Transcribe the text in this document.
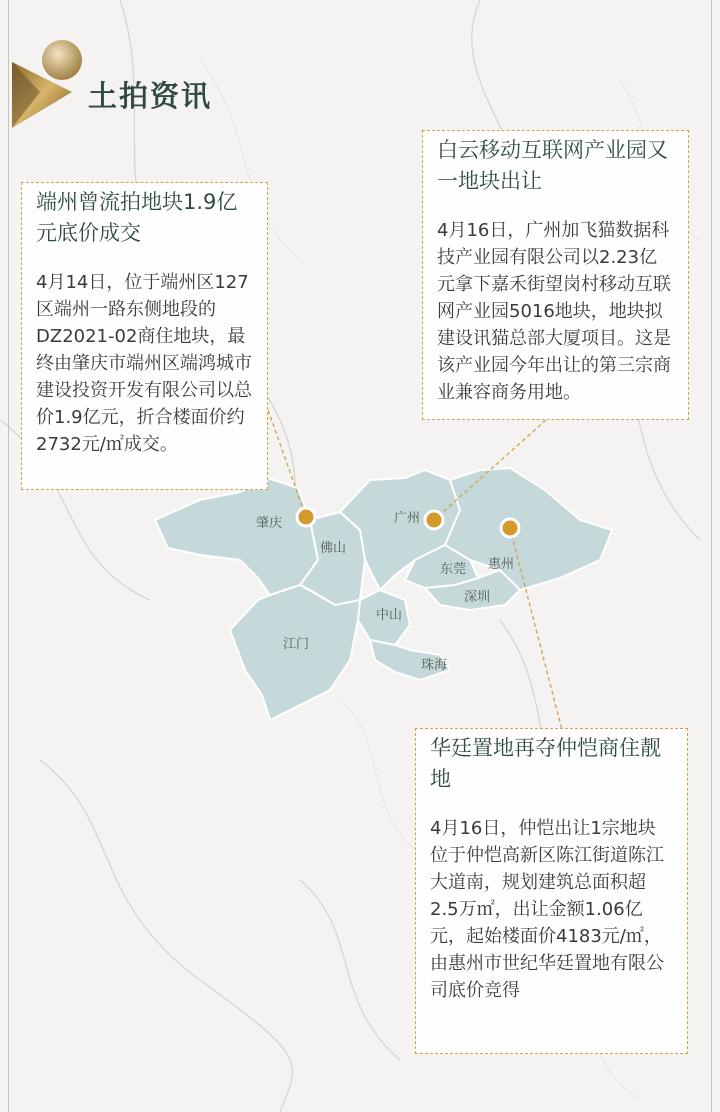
土拍资讯
肇庆
佛山
广州
东莞 惠州
深圳
中山
江门
珠海
端州曾流拍地块1.9亿元底价成交
4月14日，位于端州区127区端州一路东侧地段的DZ2021-02商住地块，最终由肇庆市端州区端鸿城市建设投资开发有限公司以总价1.9亿元，折合楼面价约2732元/㎡成交。
白云移动互联网产业园又一地块出让
4月16日，广州加飞猫数据科技产业园有限公司以2.23亿元拿下嘉禾街望岗村移动互联网产业园5016地块，地块拟建设讯猫总部大厦项目。这是该产业园今年出让的第三宗商业兼容商务用地。
华廷置地再夺仲恺商住靓地
4月16日，仲恺出让1宗地块位于仲恺高新区陈江街道陈江大道南，规划建筑总面积超2.5万㎡，出让金额1.06亿元，起始楼面价4183元/㎡，由惠州市世纪华廷置地有限公司底价竞得
